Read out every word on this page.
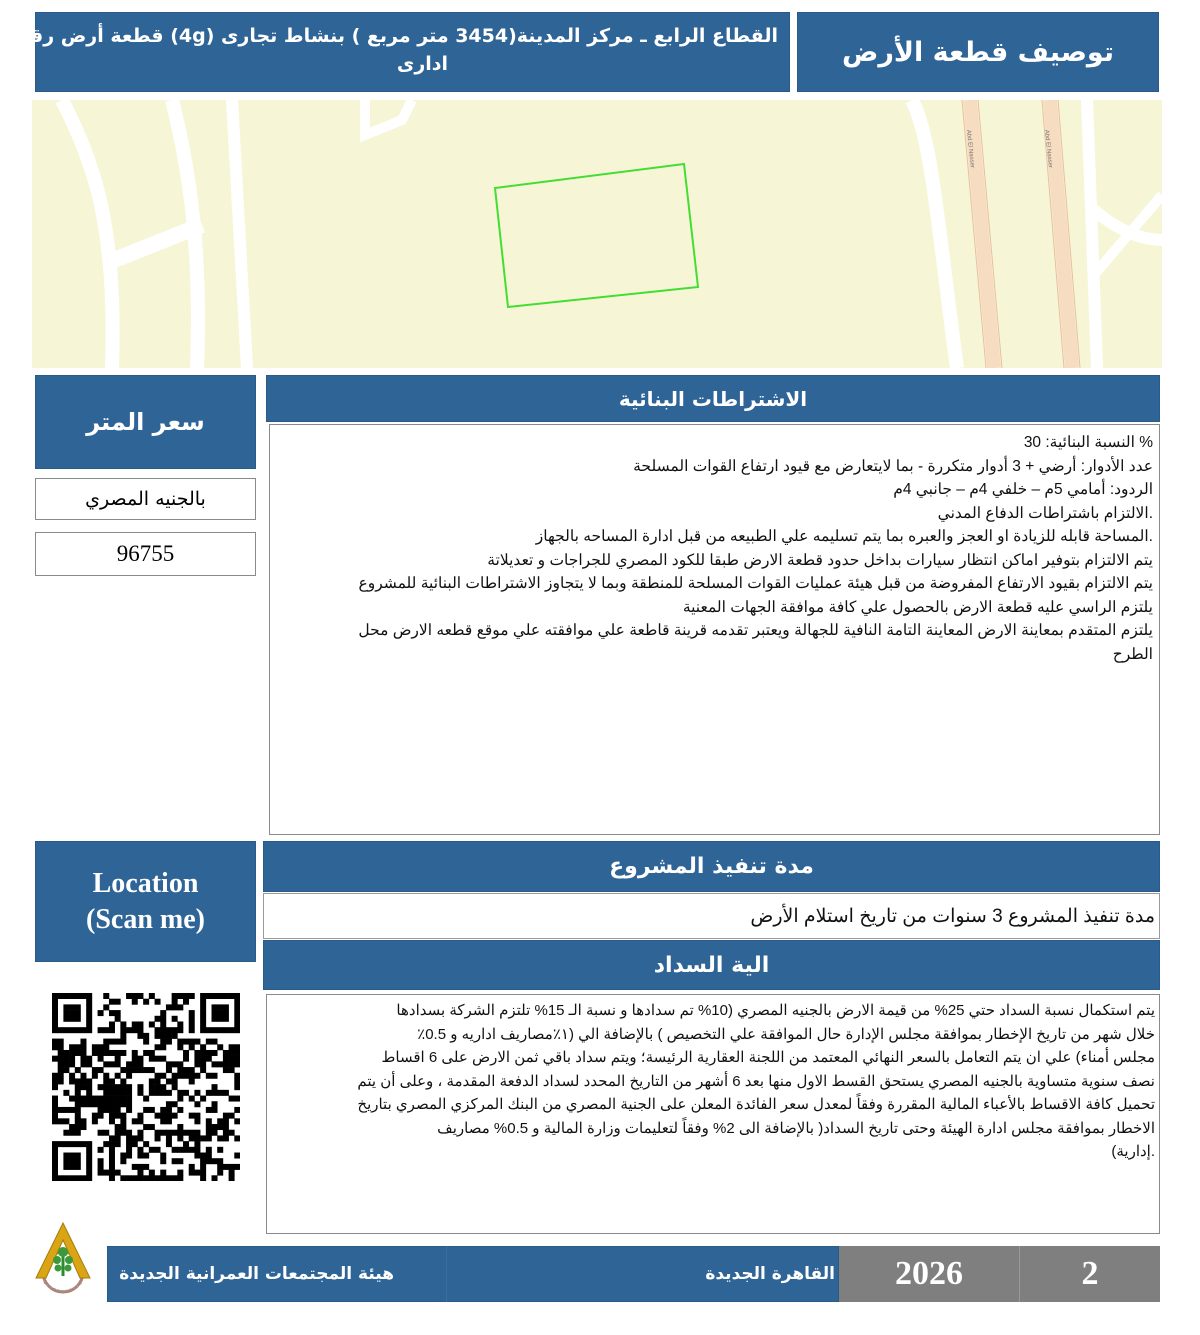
توصيف قطعة الأرض
القطاع الرابع ـ مركز المدينة(3454 متر مربع ) بنشاط تجارى (4g) قطعة أرض رقم
ادارى
Abd El Nasser	Abd El Nasser
سعر المتر
بالجنيه المصري
96755
الاشتراطات البنائية
% النسبة البنائية: 30
عدد الأدوار: أرضي + 3 أدوار متكررة - بما لايتعارض مع قيود ارتفاع القوات المسلحة
الردود: أمامي 5م – خلفي 4م – جانبي 4م
.الالتزام باشتراطات الدفاع المدني
.المساحة قابله للزيادة او العجز والعبره بما يتم تسليمه علي الطبيعه من قبل ادارة المساحه بالجهاز
يتم الالتزام بتوفير اماكن انتظار سيارات بداخل حدود قطعة الارض طبقا للكود المصري للجراجات و تعديلاتة
يتم الالتزام بقيود الارتفاع المفروضة من قبل هيئة عمليات القوات المسلحة للمنطقة وبما لا يتجاوز الاشتراطات البنائية للمشروع
يلتزم الراسي عليه قطعة الارض بالحصول علي كافة موافقة الجهات المعنية
يلتزم المتقدم بمعاينة الارض المعاينة التامة النافية للجهالة ويعتبر تقدمه قرينة قاطعة علي موافقته علي موقع قطعه الارض محل
الطرح
Location
(Scan me)
مدة تنفيذ المشروع
مدة تنفيذ المشروع 3 سنوات من تاريخ استلام الأرض
الية السداد
يتم استكمال نسبة السداد حتي 25% من قيمة الارض بالجنيه المصري (10% تم سدادها و نسبة الـ 15% تلتزم الشركة بسدادها
خلال شهر من تاريخ الإخطار بموافقة مجلس الإدارة حال الموافقة علي التخصيص ) بالإضافة الي (١٪مصاريف اداريه و 0.5٪
مجلس أمناء) علي ان يتم التعامل بالسعر النهائي المعتمد من اللجنة العقارية الرئيسة؛ ويتم سداد باقي ثمن الارض على 6 اقساط
نصف سنوية متساوية بالجنيه المصري يستحق القسط الاول منها بعد 6 أشهر من التاريخ المحدد لسداد الدفعة المقدمة ، وعلى أن يتم
تحميل كافة الاقساط بالأعباء المالية المقررة وفقاً لمعدل سعر الفائدة المعلن على الجنية المصري من البنك المركزي المصري بتاريخ
الاخطار بموافقة مجلس ادارة الهيئة وحتى تاريخ السداد( بالإضافة الى 2% وفقاً لتعليمات وزارة المالية و 0.5% مصاريف
.إدارية)
هيئة المجتمعات العمرانية الجديدة	القاهرة الجديدة 2026	2
